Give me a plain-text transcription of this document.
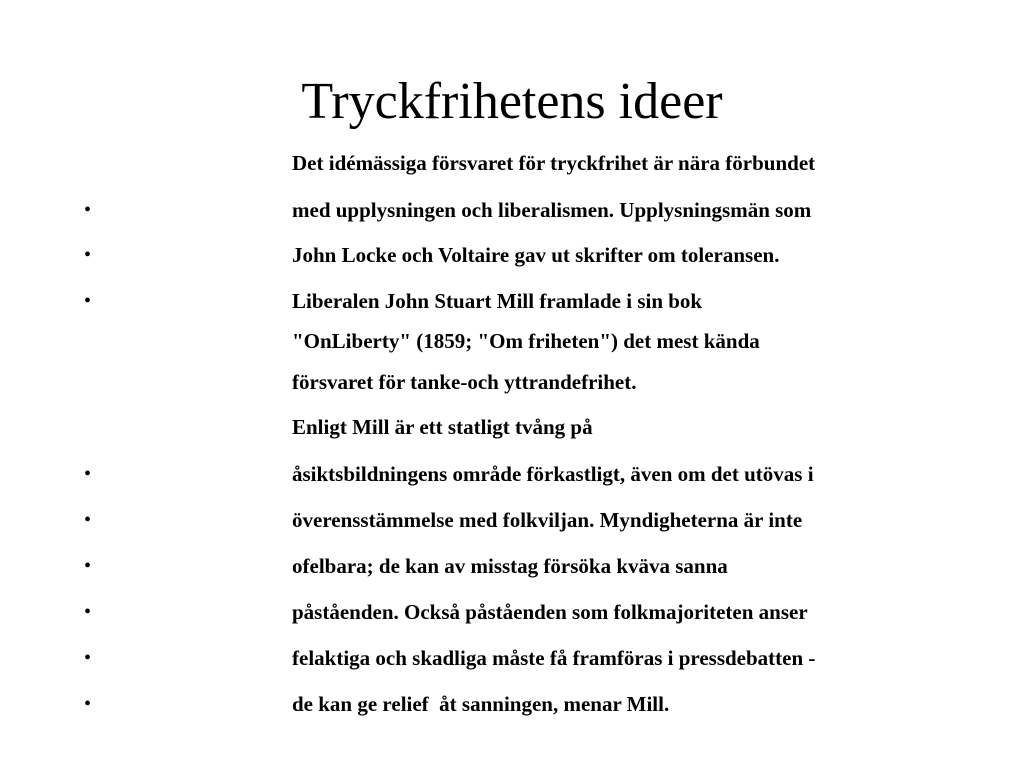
Tryckfrihetens ideer
Det idémässiga försvaret för tryckfrihet är nära förbundet
•	med upplysningen och liberalismen. Upplysningsmän som
•	John Locke och Voltaire gav ut skrifter om toleransen.
•	Liberalen John Stuart Mill framlade i sin bok
"OnLiberty" (1859; "Om friheten") det mest kända
försvaret för tanke-och yttrandefrihet.
Enligt Mill är ett statligt tvång på
•	åsiktsbildningens område förkastligt, även om det utövas i
•	överensstämmelse med folkviljan. Myndigheterna är inte
•	ofelbara; de kan av misstag försöka kväva sanna
•	påståenden. Också påståenden som folkmajoriteten anser
•	felaktiga och skadliga måste få framföras i pressdebatten -
•	de kan ge relief  åt sanningen, menar Mill.
